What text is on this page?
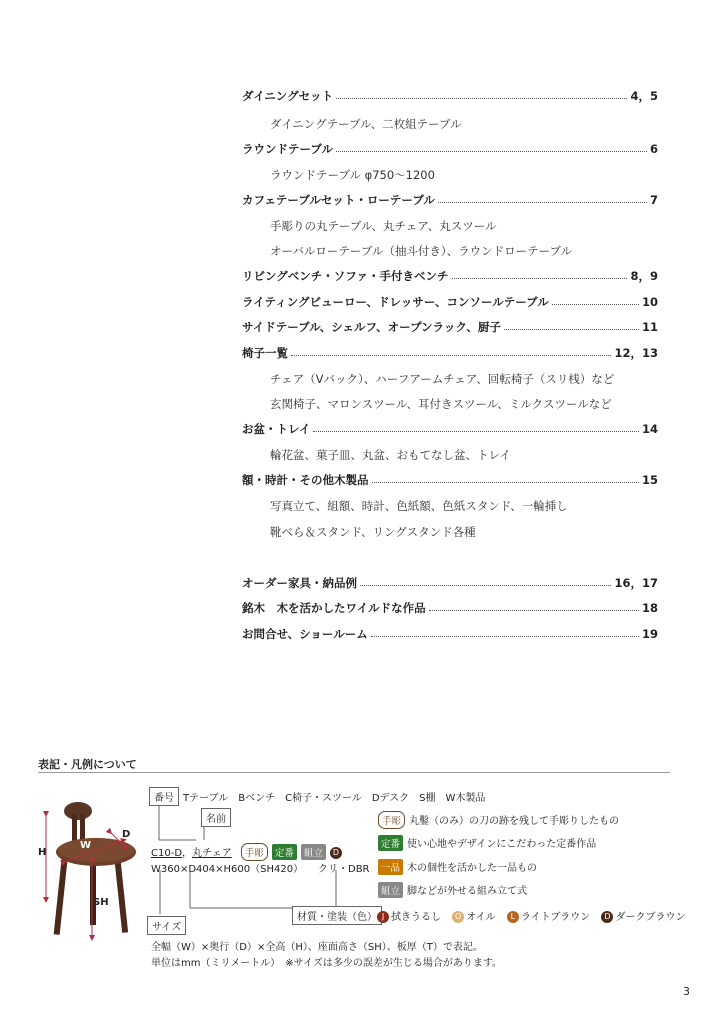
ダイニングセット	4，5
ダイニングテーブル、二枚組テーブル
ラウンドテーブル	6
ラウンドテーブル φ750～1200
カフェテーブルセット・ローテーブル	7
手彫りの丸テーブル、丸チェア、丸スツール
オーバルローテーブル（抽斗付き）、ラウンドローテーブル
リビングベンチ・ソファ・手付きベンチ	8，9
ライティングビューロー、ドレッサー、コンソールテーブル	10
サイドテーブル、シェルフ、オープンラック、厨子	11
椅子一覧	12，13
チェア（Vバック）、ハーフアームチェア、回転椅子（スリ桟）など
玄関椅子、マロンスツール、耳付きスツール、ミルクスツールなど
お盆・トレイ	14
輪花盆、菓子皿、丸盆、おもてなし盆、トレイ
額・時計・その他木製品	15
写真立て、組額、時計、色紙額、色紙スタンド、一輪挿し
靴べら＆スタンド、リングスタンド各種
オーダー家具・納品例	16，17
銘木　木を活かしたワイルドな作品	18
お問合せ、ショールーム	19
表記・凡例について
H
W
D
SH
番号 Tテーブル　Bベンチ　C椅子・スツール　Dデスク　S棚　W木製品
名前
C10-D，丸チェア 手彫 定番 組立 D
W360×D404×H600（SH420） クリ・DBR
サイズ
材質・塗装（色）
手彫 丸鑿（のみ）の刀の跡を残して手彫りしたもの
定番 使い心地やデザインにこだわった定番作品
一品 木の個性を活かした一品もの
組立 脚などが外せる組み立て式
J 拭きうるし O オイル L ライトブラウン D ダークブラウン
全幅（W）×奥行（D）×全高（H）、座面高さ（SH）、板厚（T）で表記。
単位はmm（ミリメートル）　※サイズは多少の誤差が生じる場合があります。
3
